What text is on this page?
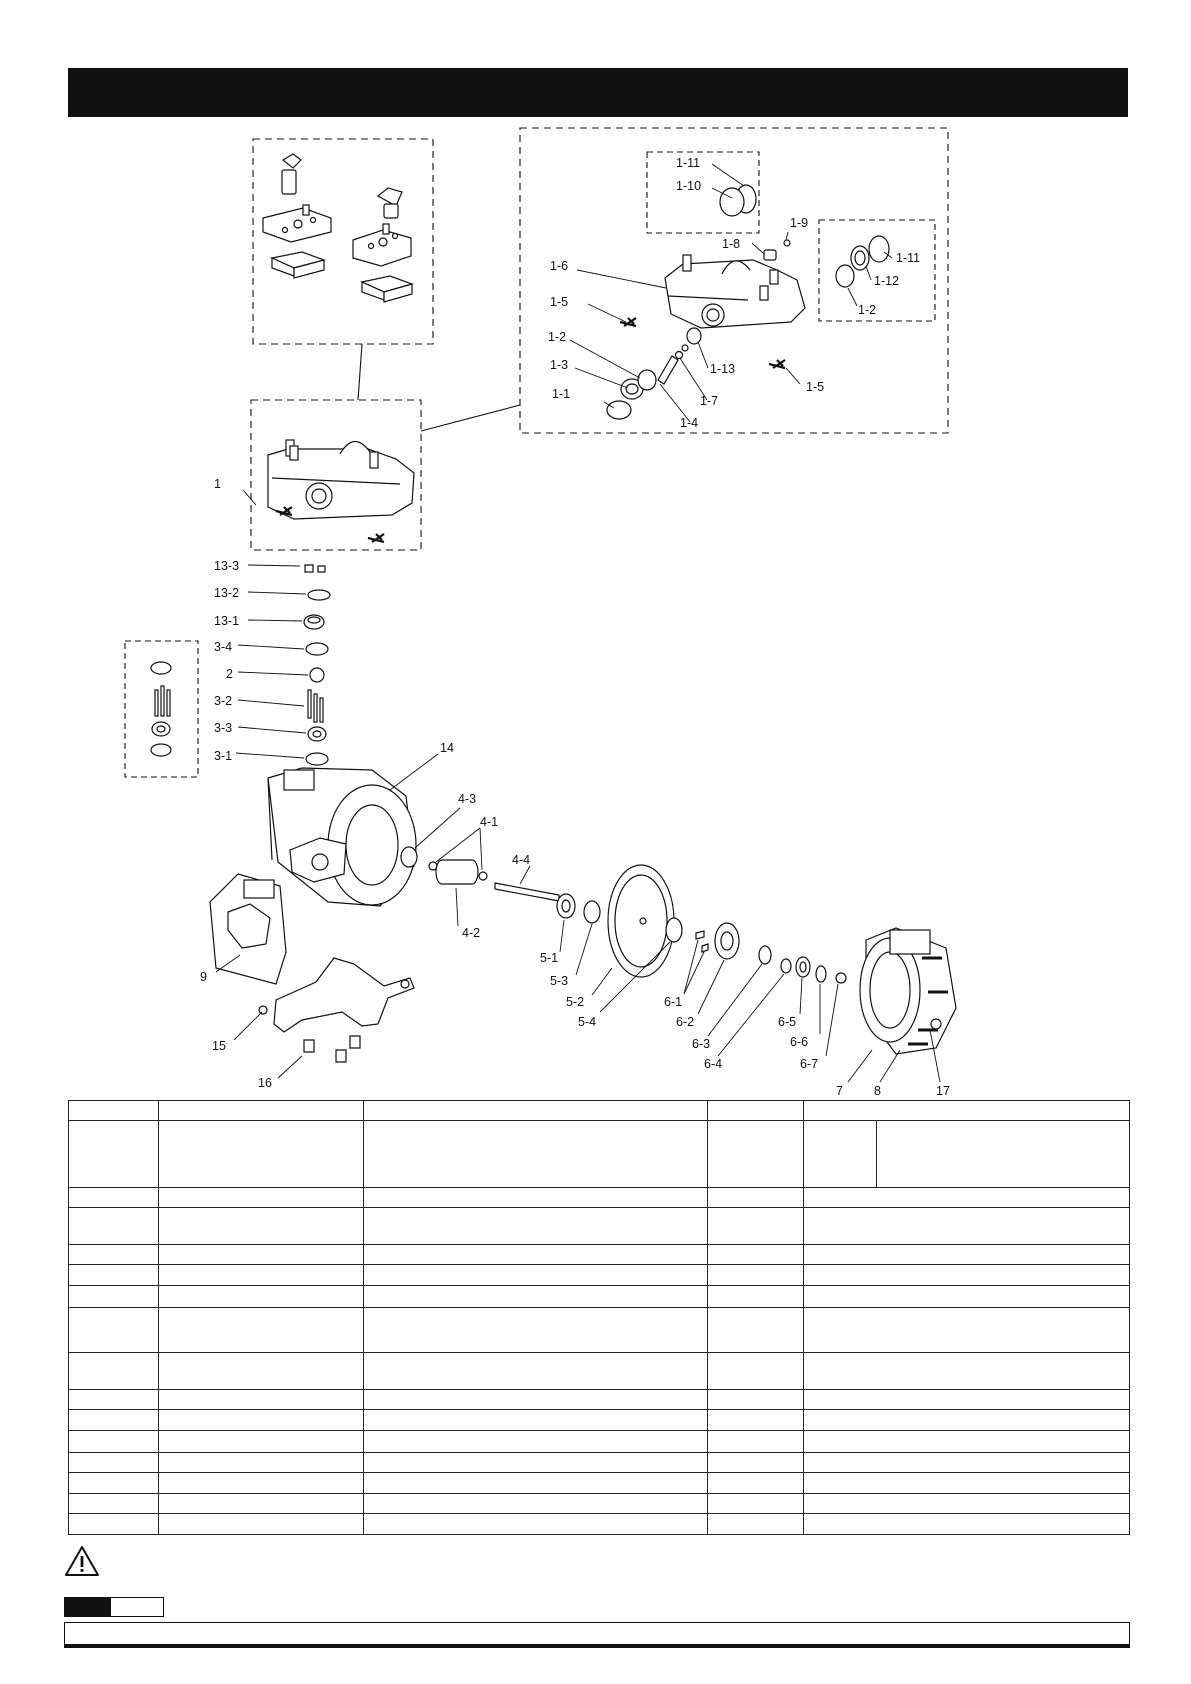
1-1
1-2
1-3
1-4
1-5
1-5
1-6
1-7
1-8
1-9
1-10
1-11
1-11
1-12
1-2
1-13
1
13-3
13-2
13-1
3-4
2
3-2
3-3
3-1
14
4-3
4-1
4-4
4-2
5-1
5-3
5-2
5-4
6-1
6-2
6-3
6-4
6-5
6-6
6-7
7 8	17
9
15
16
